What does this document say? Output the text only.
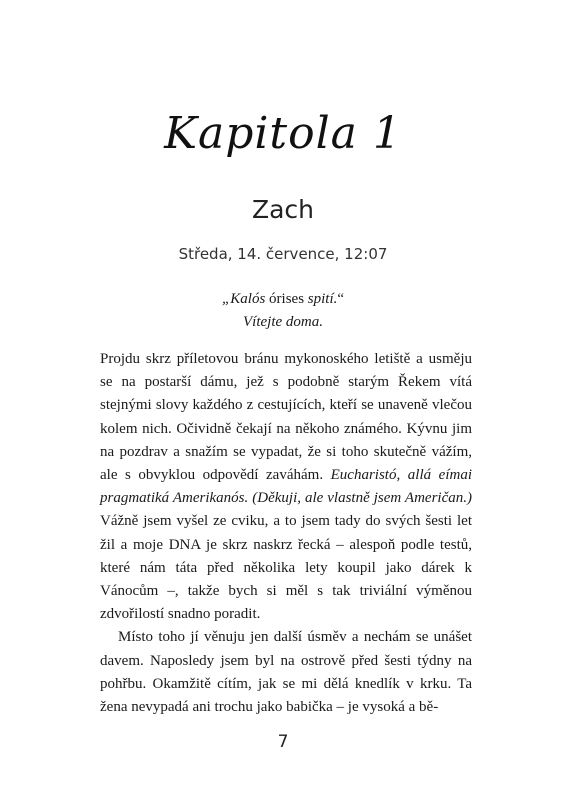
Kapitola 1
Zach
Středa, 14. července, 12:07
„Kalós órises spití.“
Vítejte doma.

Projdu skrz příletovou bránu mykonoského letiště a usměju se na postarší dámu, jež s podobně starým Řekem vítá stejnými slovy každého z cestujících, kteří se unaveně vlečou kolem nich. Očividně čekají na někoho známého. Kývnu jim na pozdrav a snažím se vypadat, že si toho skutečně vážím, ale s obvyklou odpovědí zaváhám. Eucharistó, allá eímai pragmatiká Amerikanós. (Děkuji, ale vlastně jsem Američan.) Vážně jsem vyšel ze cviku, a to jsem tady do svých šesti let žil a moje DNA je skrz naskrz řecká – alespoň podle testů, které nám táta před několika lety koupil jako dárek k Vánocům –, takže bych si měl s tak triviální výměnou zdvořilostí snadno poradit.

Místo toho jí věnuju jen další úsměv a nechám se unášet davem. Naposledy jsem byl na ostrově před šesti týdny na pohřbu. Okamžitě cítím, jak se mi dělá knedlík v krku. Ta žena nevypadá ani trochu jako babička – je vysoká a bě-

7
